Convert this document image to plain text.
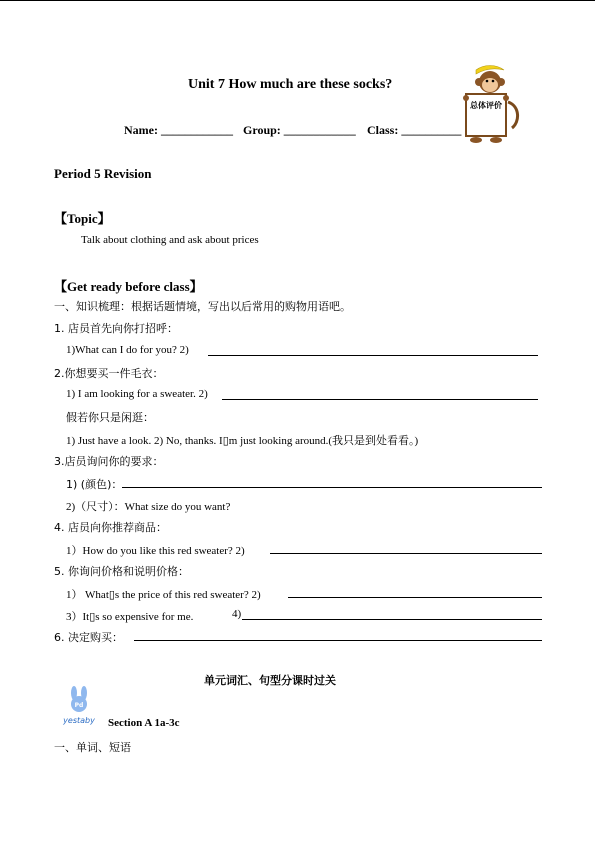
Unit 7 How much are these socks?
Name: ____________ Group: ____________ Class: __________
总体评价
Period 5 Revision
【Topic】
Talk about clothing and ask about prices
【Get ready before class】
一、知识梳理：根据话题情境，写出以后常用的购物用语吧。
1. 店员首先向你打招呼：
1)What can I do for you? 2)
2.你想要买一件毛衣：
1) I am looking for a sweater. 2)
假若你只是闲逛：
1) Just have a look. 2) No, thanks. I▯m just looking around.(我只是到处看看。)
3.店员询问你的要求：
1) (颜色)：
2)（尺寸）：What size do you want?
4. 店员向你推荐商品：
1）How do you like this red sweater? 2)
5. 你询问价格和说明价格：
1） What▯s the price of this red sweater? 2)
3）It▯s so expensive for me.	4)
6. 决定购买：
单元词汇、句型分课时过关
Pd
yestaby Section A 1a-3c
一、单词、短语
